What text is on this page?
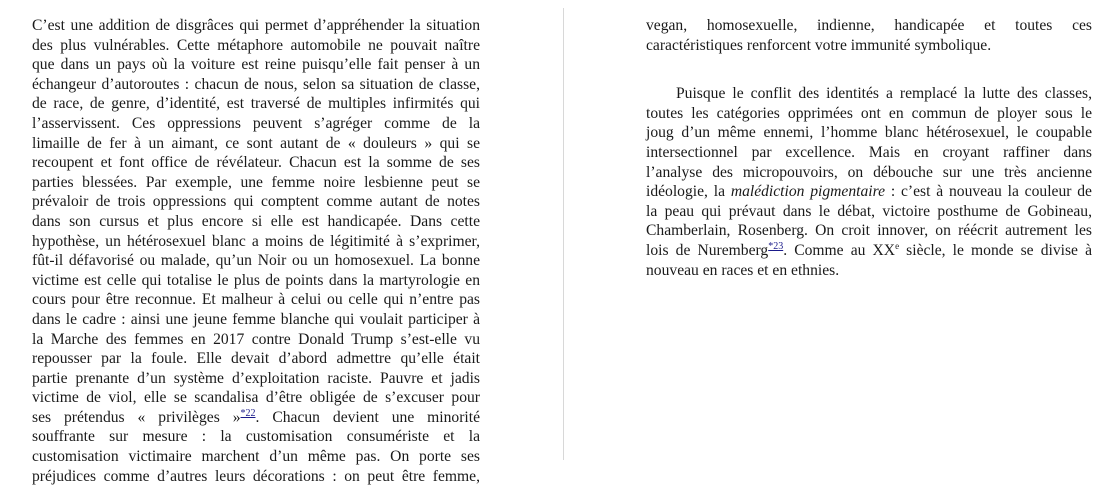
C’est une addition de disgrâces qui permet d’appréhender la situation
des plus vulnérables. Cette métaphore automobile ne pouvait naître
que dans un pays où la voiture est reine puisqu’elle fait penser à un
échangeur d’autoroutes : chacun de nous, selon sa situation de classe,
de race, de genre, d’identité, est traversé de multiples infirmités qui
l’asservissent. Ces oppressions peuvent s’agréger comme de la
limaille de fer à un aimant, ce sont autant de « douleurs » qui se
recoupent et font office de révélateur. Chacun est la somme de ses
parties blessées. Par exemple, une femme noire lesbienne peut se
prévaloir de trois oppressions qui comptent comme autant de notes
dans son cursus et plus encore si elle est handicapée. Dans cette
hypothèse, un hétérosexuel blanc a moins de légitimité à s’exprimer,
fût-il défavorisé ou malade, qu’un Noir ou un homosexuel. La bonne
victime est celle qui totalise le plus de points dans la martyrologie en
cours pour être reconnue. Et malheur à celui ou celle qui n’entre pas
dans le cadre : ainsi une jeune femme blanche qui voulait participer à
la Marche des femmes en 2017 contre Donald Trump s’est-elle vu
repousser par la foule. Elle devait d’abord admettre qu’elle était
partie prenante d’un système d’exploitation raciste. Pauvre et jadis
victime de viol, elle se scandalisa d’être obligée de s’excuser pour
ses prétendus « privilèges »$^{*22}$. Chacun devient une minorité
souffrante sur mesure : la customisation consumériste et la
customisation victimaire marchent d’un même pas. On porte ses
préjudices comme d’autres leurs décorations : on peut être femme,
vegan, homosexuelle, indienne, handicapée et toutes ces
caractéristiques renforcent votre immunité symbolique.
Puisque le conflit des identités a remplacé la lutte des classes,
toutes les catégories opprimées ont en commun de ployer sous le
joug d’un même ennemi, l’homme blanc hétérosexuel, le coupable
intersectionnel par excellence. Mais en croyant raffiner dans
l’analyse des micropouvoirs, on débouche sur une très ancienne
idéologie, la malédiction pigmentaire : c’est à nouveau la couleur de
la peau qui prévaut dans le débat, victoire posthume de Gobineau,
Chamberlain, Rosenberg. On croit innover, on réécrit autrement les
lois de Nuremberg$^{*23}$. Comme au XXe siècle, le monde se divise à
nouveau en races et en ethnies.
